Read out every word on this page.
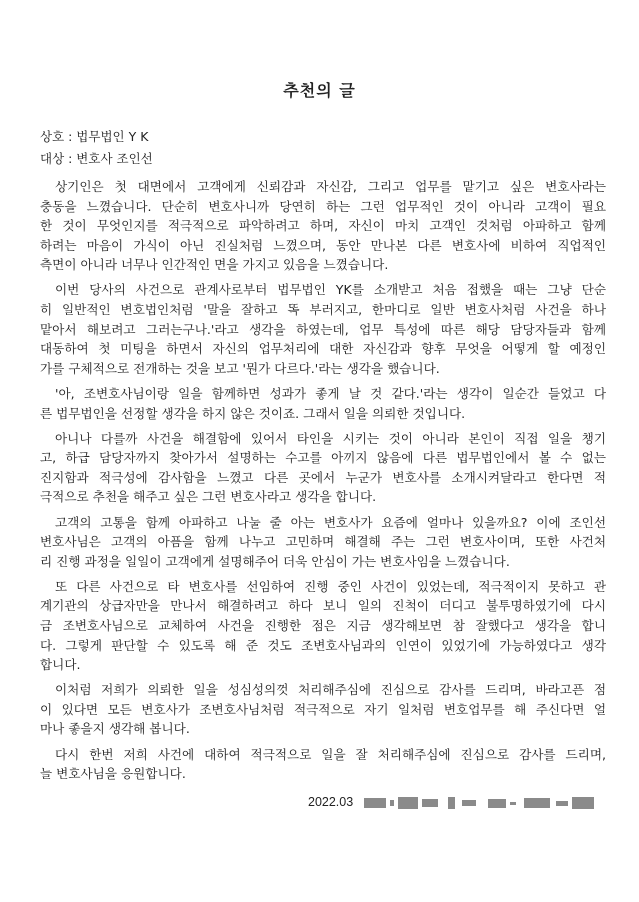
추천의 글
상호 : 법무법인 Y K
대상 : 변호사 조인선
상기인은 첫 대면에서 고객에게 신뢰감과 자신감, 그리고 업무를 맡기고 싶은 변호사라는
충동을 느꼈습니다. 단순히 변호사니까 당연히 하는 그런 업무적인 것이 아니라 고객이 필요
한 것이 무엇인지를 적극적으로 파악하려고 하며, 자신이 마치 고객인 것처럼 아파하고 함께
하려는 마음이 가식이 아닌 진실처럼 느꼈으며, 동안 만나본 다른 변호사에 비하여 직업적인
측면이 아니라 너무나 인간적인 면을 가지고 있음을 느꼈습니다.
이번 당사의 사건으로 관계사로부터 법무법인 YK를 소개받고 처음 접했을 때는 그냥 단순
히 일반적인 변호법인처럼 '말을 잘하고 똑 부러지고, 한마디로 일반 변호사처럼 사건을 하나
맡아서 해보려고 그러는구나.'라고 생각을 하였는데, 업무 특성에 따른 해당 담당자들과 함께
대동하여 첫 미팅을 하면서 자신의 업무처리에 대한 자신감과 향후 무엇을 어떻게 할 예정인
가를 구체적으로 전개하는 것을 보고 '뭔가 다르다.'라는 생각을 했습니다.
'아, 조변호사님이랑 일을 함께하면 성과가 좋게 날 것 같다.'라는 생각이 일순간 들었고 다
른 법무법인을 선정할 생각을 하지 않은 것이죠. 그래서 일을 의뢰한 것입니다.
아니나 다를까 사건을 해결함에 있어서 타인을 시키는 것이 아니라 본인이 직접 일을 챙기
고, 하급 담당자까지 찾아가서 설명하는 수고를 아끼지 않음에 다른 법무법인에서 볼 수 없는
진지함과 적극성에 감사함을 느꼈고 다른 곳에서 누군가 변호사를 소개시켜달라고 한다면 적
극적으로 추천을 해주고 싶은 그런 변호사라고 생각을 합니다.
고객의 고통을 함께 아파하고 나눌 줄 아는 변호사가 요즘에 얼마나 있을까요? 이에 조인선
변호사님은 고객의 아픔을 함께 나누고 고민하며 해결해 주는 그런 변호사이며, 또한 사건처
리 진행 과정을 일일이 고객에게 설명해주어 더욱 안심이 가는 변호사임을 느꼈습니다.
또 다른 사건으로 타 변호사를 선임하여 진행 중인 사건이 있었는데, 적극적이지 못하고 관
계기관의 상급자만을 만나서 해결하려고 하다 보니 일의 진척이 더디고 불투명하였기에 다시
금 조변호사님으로 교체하여 사건을 진행한 점은 지금 생각해보면 참 잘했다고 생각을 합니
다. 그렇게 판단할 수 있도록 해 준 것도 조변호사님과의 인연이 있었기에 가능하였다고 생각
합니다.
이처럼 저희가 의뢰한 일을 성심성의껏 처리해주심에 진심으로 감사를 드리며, 바라고픈 점
이 있다면 모든 변호사가 조변호사님처럼 적극적으로 자기 일처럼 변호업무를 해 주신다면 얼
마나 좋을지 생각해 봅니다.
다시 한번 저희 사건에 대하여 적극적으로 일을 잘 처리해주심에 진심으로 감사를 드리며,
늘 변호사님을 응원합니다.
2022.03
